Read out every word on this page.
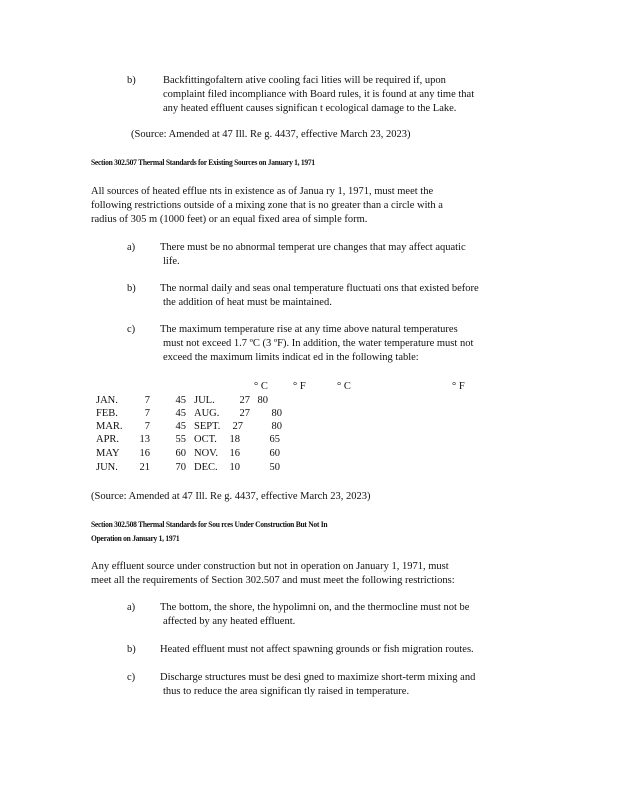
b)	Backfittingofaltern ative cooling faci lities will be required if, upon
complaint filed incompliance with Board rules, it is found at any time that
any heated effluent causes significan t ecological damage to the Lake.
(Source: Amended at 47 Ill. Re g. 4437, effective March 23, 2023)
Section 302.507 Thermal Standards for Existing Sources on January 1, 1971
All sources of heated efflue nts in existence as of Janua ry 1, 1971, must meet the
following restrictions outside of a mixing zone that is no greater than a circle with a
radius of 305 m (1000 feet) or an equal fixed area of simple form.
a) There must be no abnormal temperat ure changes that may affect aquatic
life.
b) The normal daily and seas onal temperature fluctuati ons that existed before
the addition of heat must be maintained.
c) The maximum temperature rise at any time above natural temperatures
must not exceed 1.7 ºC (3 ºF). In addition, the water temperature must not
exceed the maximum limits indicat ed in the following table:
° C ° F	° C	° F
JAN.	7	45 JUL.	27 80
FEB.	7	45 AUG.	27	80
MAR.	7	45 SEPT.	27	80
APR.	13	55 OCT.	18	65
MAY	16	60 NOV.	16	60
JUN.	21	70 DEC.	10	50
(Source: Amended at 47 Ill. Re g. 4437, effective March 23, 2023)
Section 302.508 Thermal Standards for Sou rces Under Construction But Not In
Operation on January 1, 1971
Any effluent source under construction but not in operation on January 1, 1971, must
meet all the requirements of Section 302.507 and must meet the following restrictions:
a) The bottom, the shore, the hypolimni on, and the thermocline must not be
affected by any heated effluent.
b) Heated effluent must not affect spawning grounds or fish migration routes.
c) Discharge structures must be desi gned to maximize short-term mixing and
thus to reduce the area significan tly raised in temperature.
